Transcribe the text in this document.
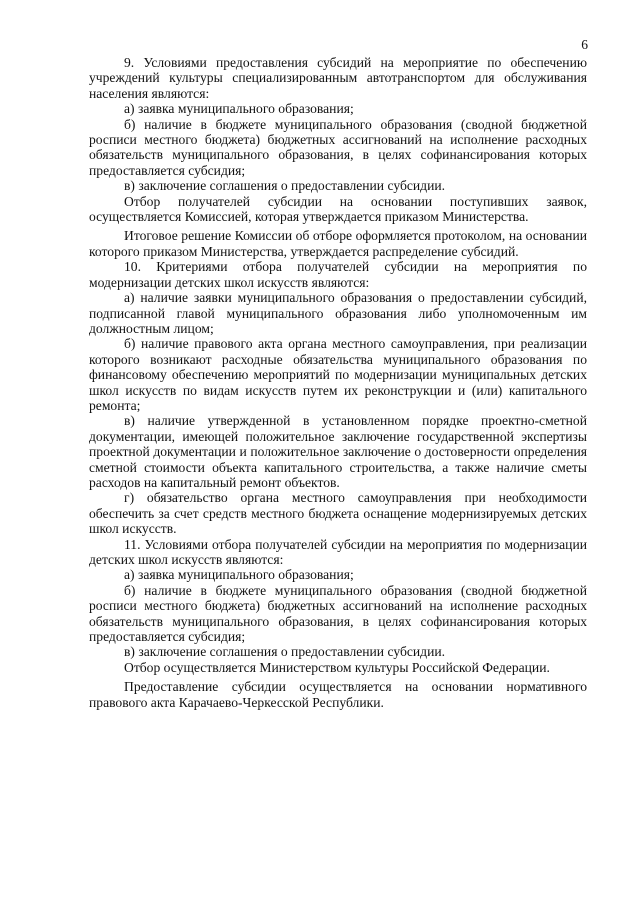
6

9. Условиями предоставления субсидий на мероприятие по обеспечению учреждений культуры специализированным автотранспортом для обслуживания населения являются:

а) заявка муниципального образования;

б) наличие в бюджете муниципального образования (сводной бюджетной росписи местного бюджета) бюджетных ассигнований на исполнение расходных обязательств муниципального образования, в целях софинансирования которых предоставляется субсидия;

в) заключение соглашения о предоставлении субсидии.

Отбор получателей субсидии на основании поступивших заявок, осуществляется Комиссией, которая утверждается приказом Министерства.

Итоговое решение Комиссии об отборе оформляется протоколом, на основании которого приказом Министерства, утверждается распределение субсидий.

10. Критериями отбора получателей субсидии на мероприятия по модернизации детских школ искусств являются:

а) наличие заявки муниципального образования о предоставлении субсидий, подписанной главой муниципального образования либо уполномоченным им должностным лицом;

б) наличие правового акта органа местного самоуправления, при реализации которого возникают расходные обязательства муниципального образования по финансовому обеспечению мероприятий по модернизации муниципальных детских школ искусств по видам искусств путем их реконструкции и (или) капитального ремонта;

в) наличие утвержденной в установленном порядке проектно-сметной документации, имеющей положительное заключение государственной экспертизы проектной документации и положительное заключение о достоверности определения сметной стоимости объекта капитального строительства, а также наличие сметы расходов на капитальный ремонт объектов.

г) обязательство органа местного самоуправления при необходимости обеспечить за счет средств местного бюджета оснащение модернизируемых детских школ искусств.

11. Условиями отбора получателей субсидии на мероприятия по модернизации детских школ искусств являются:

а) заявка муниципального образования;

б) наличие в бюджете муниципального образования (сводной бюджетной росписи местного бюджета) бюджетных ассигнований на исполнение расходных обязательств муниципального образования, в целях софинансирования которых предоставляется субсидия;

в) заключение соглашения о предоставлении субсидии.

Отбор осуществляется Министерством культуры Российской Федерации.

Предоставление субсидии осуществляется на основании нормативного правового акта Карачаево-Черкесской Республики.
